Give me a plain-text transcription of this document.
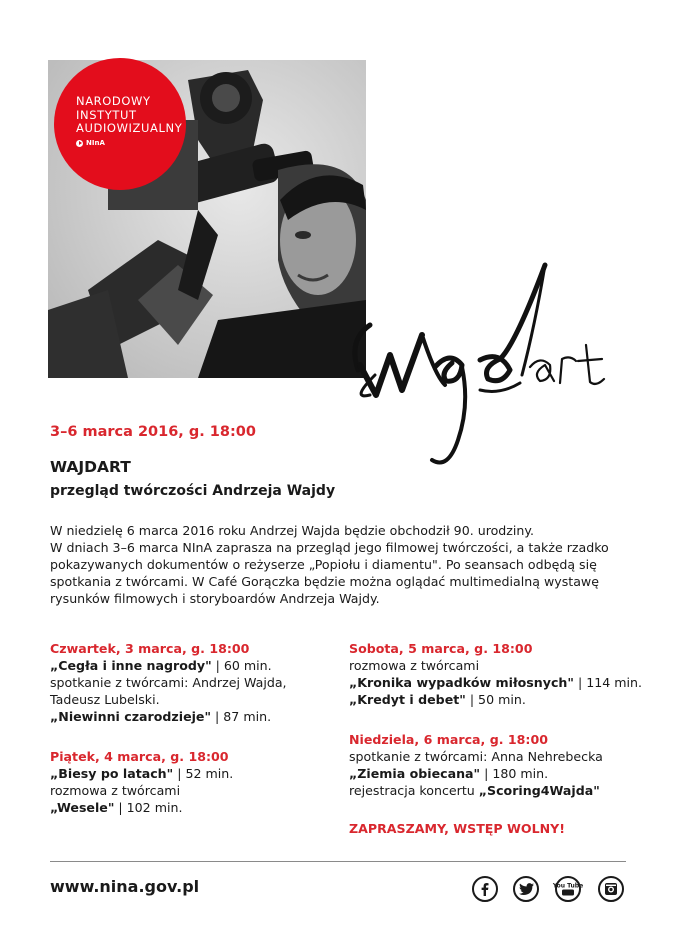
NARODOWY
INSTYTUT
AUDIOWIZUALNY
NInA
3–6 marca 2016, g. 18:00
WAJDART
przegląd twórczości Andrzeja Wajdy
W niedzielę 6 marca 2016 roku Andrzej Wajda będzie obchodził 90. urodziny.
W dniach 3–6 marca NInA zaprasza na przegląd jego filmowej twórczości, a także rzadko
pokazywanych dokumentów o reżyserze „Popiołu i diamentu". Po seansach odbędą się
spotkania z twórcami. W Café Gorączka będzie można oglądać multimedialną wystawę
rysunków filmowych i storyboardów Andrzeja Wajdy.
Czwartek, 3 marca, g. 18:00
„Cegła i inne nagrody" | 60 min.
spotkanie z twórcami: Andrzej Wajda,
Tadeusz Lubelski.
„Niewinni czarodzieje" | 87 min.
Piątek, 4 marca, g. 18:00
„Biesy po latach" | 52 min.
rozmowa z twórcami
„Wesele" | 102 min.
Sobota, 5 marca, g. 18:00
rozmowa z twórcami
„Kronika wypadków miłosnych" | 114 min.
„Kredyt i debet" | 50 min.
Niedziela, 6 marca, g. 18:00
spotkanie z twórcami: Anna Nehrebecka
„Ziemia obiecana" | 180 min.
rejestracja koncertu „Scoring4Wajda"
ZAPRASZAMY, WSTĘP WOLNY!
www.nina.gov.pl	You Tube
